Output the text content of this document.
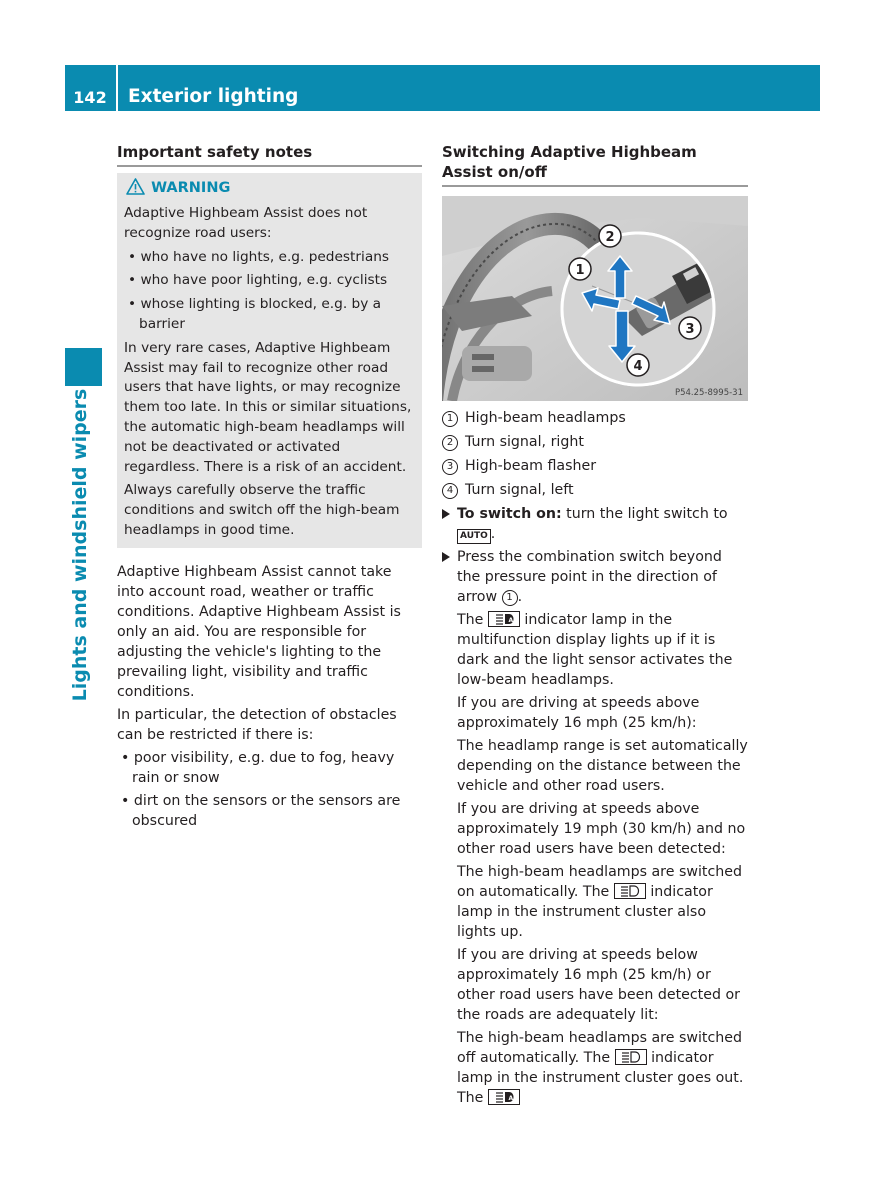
142	Exterior lighting
Lights and windshield wipers
Important safety notes
WARNING

Adaptive Highbeam Assist does not recognize road users:

• who have no lights, e.g. pedestrians
• who have poor lighting, e.g. cyclists
• whose lighting is blocked, e.g. by a barrier

In very rare cases, Adaptive Highbeam Assist may fail to recognize other road users that have lights, or may recognize them too late. In this or similar situations, the automatic high-beam headlamps will not be deactivated or activated regardless. There is a risk of an accident.

Always carefully observe the traffic conditions and switch off the high-beam headlamps in good time.

Adaptive Highbeam Assist cannot take into account road, weather or traffic conditions. Adaptive Highbeam Assist is only an aid. You are responsible for adjusting the vehicle's lighting to the prevailing light, visibility and traffic conditions.

In particular, the detection of obstacles can be restricted if there is:

• poor visibility, e.g. due to fog, heavy rain or snow
• dirt on the sensors or the sensors are obscured
Switching Adaptive Highbeam Assist on/off
2
1
3
4
P54.25-8995-31
1 High-beam headlamps
2 Turn signal, right
3 High-beam flasher
4 Turn signal, left
To switch on: turn the light switch to
AUTO .
Press the combination switch beyond the pressure point in the direction of arrow 1 .

The	A indicator lamp in the multifunction display lights up if it is dark and the light sensor activates the low-beam headlamps.

If you are driving at speeds above approximately 16 mph (25 km/h):

The headlamp range is set automatically depending on the distance between the vehicle and other road users.

If you are driving at speeds above approximately 19 mph (30 km/h) and no other road users have been detected:

The high-beam headlamps are switched on automatically. The	indicator lamp in the instrument cluster also lights up.

If you are driving at speeds below approximately 16 mph (25 km/h) or other road users have been detected or the roads are adequately lit:

The high-beam headlamps are switched off automatically. The	indicator lamp in the instrument cluster goes out. The	A
